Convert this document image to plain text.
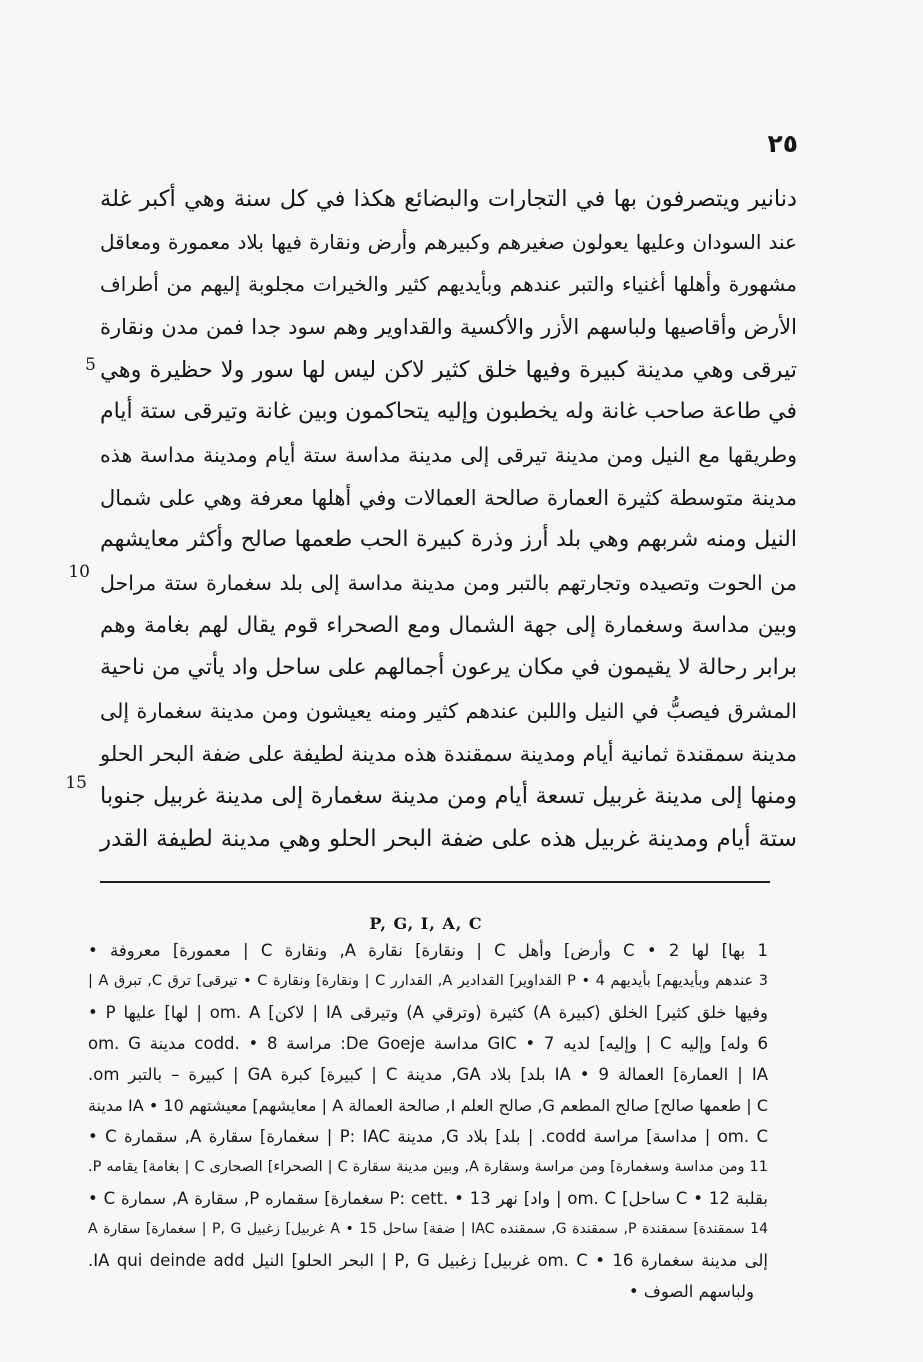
٢٥
دنانير ويتصرفون بها في التجارات والبضائع هكذا في كل سنة وهي أكبر غلة
عند السودان وعليها يعولون صغيرهم وكبيرهم وأرض ونقارة فيها بلاد معمورة ومعاقل
مشهورة وأهلها أغنياء والتبر عندهم وبأيديهم كثير والخيرات مجلوبة إليهم من أطراف
الأرض وأقاصيها ولباسهم الأزر والأكسية والقداوير وهم سود جدا فمن مدن ونقارة
تيرقى وهي مدينة كبيرة وفيها خلق كثير لاكن ليس لها سور ولا حظيرة وهي
في طاعة صاحب غانة وله يخطبون وإليه يتحاكمون وبين غانة وتيرقى ستة أيام
وطريقها مع النيل ومن مدينة تيرقى إلى مدينة مداسة ستة أيام ومدينة مداسة هذه
مدينة متوسطة كثيرة العمارة صالحة العمالات وفي أهلها معرفة وهي على شمال
النيل ومنه شربهم وهي بلد أرز وذرة كبيرة الحب طعمها صالح وأكثر معايشهم
من الحوت وتصيده وتجارتهم بالتبر ومن مدينة مداسة إلى بلد سغمارة ستة مراحل
وبين مداسة وسغمارة إلى جهة الشمال ومع الصحراء قوم يقال لهم بغامة وهم
برابر رحالة لا يقيمون في مكان يرعون أجمالهم على ساحل واد يأتي من ناحية
المشرق فيصبُّ في النيل واللبن عندهم كثير ومنه يعيشون ومن مدينة سغمارة إلى
مدينة سمقندة ثمانية أيام ومدينة سمقندة هذه مدينة لطيفة على ضفة البحر الحلو
ومنها إلى مدينة غربيل تسعة أيام ومن مدينة سغمارة إلى مدينة غربيل جنوبا
ستة أيام ومدينة غربيل هذه على ضفة البحر الحلو وهي مدينة لطيفة القدر
5
10
15
P, G, I, A, C
1 بها] لها C • 2 وأرض] وأهل C | ونقارة] نقارة A, ونقارة C | معمورة] معروفة •
3 عندهم وبأيديهم] بأيديهم P • 4 القداوير] القدادير A, القدارر C | ونقارة] ونقارة C • تيرقى] ترق C, تبرق A |
وفيها خلق كثير] الخلق (كبيرة A) كثيرة (وترقي A) وتيرقى IA | لاكن] om. A | لها] عليها P •
6 وله] وإليه C | وإليه] لديه GIC • 7 مداسة De Goeje: مراسة codd. • 8 مدينة om. G
IA | العمارة] العمالة IA • 9 بلد] بلاد GA, مدينة C | كبيرة] كبرة GA | كبيرة – بالتبر om.
C | طعمها صالح] صالح المطعم G, صالح العلم I, صالحة العمالة A | معايشهم] معيشتهم IA • 10 مدينة
om. C | مداسة] مراسة codd. | بلد] بلاد G, مدينة P: IAC | سغمارة] سقارة A, سقمارة C •
11 ومن مداسة وسغمارة] ومن مراسة وسقارة A, وبين مدينة سقارة C | الصحراء] الصحارى C | بغامة] يقامه P.
بقلبة C • 12 ساحل] om. C | واد] نهر P: cett. • 13 سغمارة] سقماره P, سقارة A, سمارة C •
14 سمقندة] سمقندة P, سمقندة G, سمقنده IAC | ضفة] ساحل A • 15 غربيل] زغبيل P, G | سغمارة] سقارة A
إلى مدينة سغمارة om. C • 16 غربيل] زغبيل P, G | البحر الحلو] النيل IA qui deinde add.
ولباسهم الصوف •
